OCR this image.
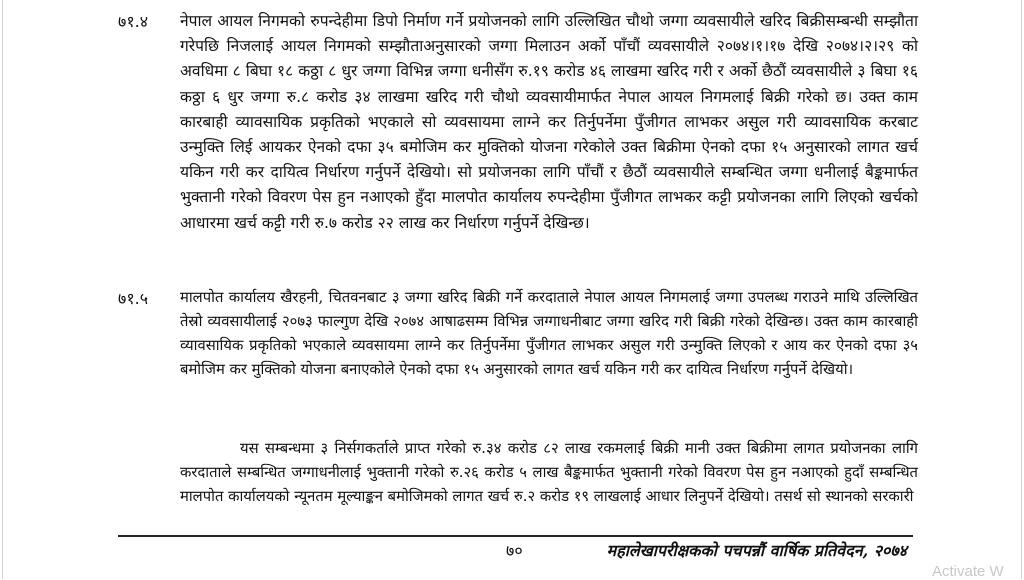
७१.४ नेपाल आयल निगमको रुपन्देहीमा डिपो निर्माण गर्ने प्रयोजनको लागि उल्लिखित चौथो जग्गा व्यवसायीले खरिद बिक्रीसम्बन्धी सम्झौता गरेपछि निजलाई आयल निगमको सम्झौताअनुसारको जग्गा मिलाउन अर्को पाँचौं व्यवसायीले २०७४।१।१७ देखि २०७४।२।२९ को अवधिमा ८ बिघा १८ कठ्ठा ८ धुर जग्गा विभिन्न जग्गा धनीसँग रु.१९ करोड ४६ लाखमा खरिद गरी र अर्को छैठौं व्यवसायीले ३ बिघा १६ कठ्ठा ६ धुर जग्गा रु.८ करोड ३४ लाखमा खरिद गरी चौथो व्यवसायीमार्फत नेपाल आयल निगमलाई बिक्री गरेको छ। उक्त काम कारबाही व्यावसायिक प्रकृतिको भएकाले सो व्यवसायमा लाग्ने कर तिर्नुपर्नेमा पुँजीगत लाभकर असुल गरी व्यावसायिक करबाट उन्मुक्ति लिई आयकर ऐनको दफा ३५ बमोजिम कर मुक्तिको योजना गरेकोले उक्त बिक्रीमा ऐनको दफा १५ अनुसारको लागत खर्च यकिन गरी कर दायित्व निर्धारण गर्नुपर्ने देखियो। सो प्रयोजनका लागि पाँचौं र छैठौं व्यवसायीले सम्बन्धित जग्गा धनीलाई बैङ्कमार्फत भुक्तानी गरेको विवरण पेस हुन नआएको हुँदा मालपोत कार्यालय रुपन्देहीमा पुँजीगत लाभकर कट्टी प्रयोजनका लागि लिएको खर्चको आधारमा खर्च कट्टी गरी रु.७ करोड २२ लाख कर निर्धारण गर्नुपर्ने देखिन्छ।
७१.५ मालपोत कार्यालय खैरहनी, चितवनबाट ३ जग्गा खरिद बिक्री गर्ने करदाताले नेपाल आयल निगमलाई जग्गा उपलब्ध गराउने माथि उल्लिखित तेस्रो व्यवसायीलाई २०७३ फाल्गुण देखि २०७४ आषाढसम्म विभिन्न जग्गाधनीबाट जग्गा खरिद गरी बिक्री गरेको देखिन्छ। उक्त काम कारबाही व्यावसायिक प्रकृतिको भएकाले व्यवसायमा लाग्ने कर तिर्नुपर्नेमा पुँजीगत लाभकर असुल गरी उन्मुक्ति लिएको र आय कर ऐनको दफा ३५ बमोजिम कर मुक्तिको योजना बनाएकोले ऐनको दफा १५ अनुसारको लागत खर्च यकिन गरी कर दायित्व निर्धारण गर्नुपर्ने देखियो।
यस सम्बन्धमा ३ निर्सगकर्ताले प्राप्त गरेको रु.३४ करोड ८२ लाख रकमलाई बिक्री मानी उक्त बिक्रीमा लागत प्रयोजनका लागि करदाताले सम्बन्धित जग्गाधनीलाई भुक्तानी गरेको रु.२६ करोड ५ लाख बैङ्कमार्फत भुक्तानी गरेको विवरण पेस हुन नआएको हुदाँ सम्बन्धित मालपोत कार्यालयको न्यूनतम मूल्याङ्कन बमोजिमको लागत खर्च रु.२ करोड १९ लाखलाई आधार लिनुपर्ने देखियो। तसर्थ सो स्थानको सरकारी
७०	महालेखापरीक्षकको पचपन्नौं वार्षिक प्रतिवेदन, २०७४
Activate W
